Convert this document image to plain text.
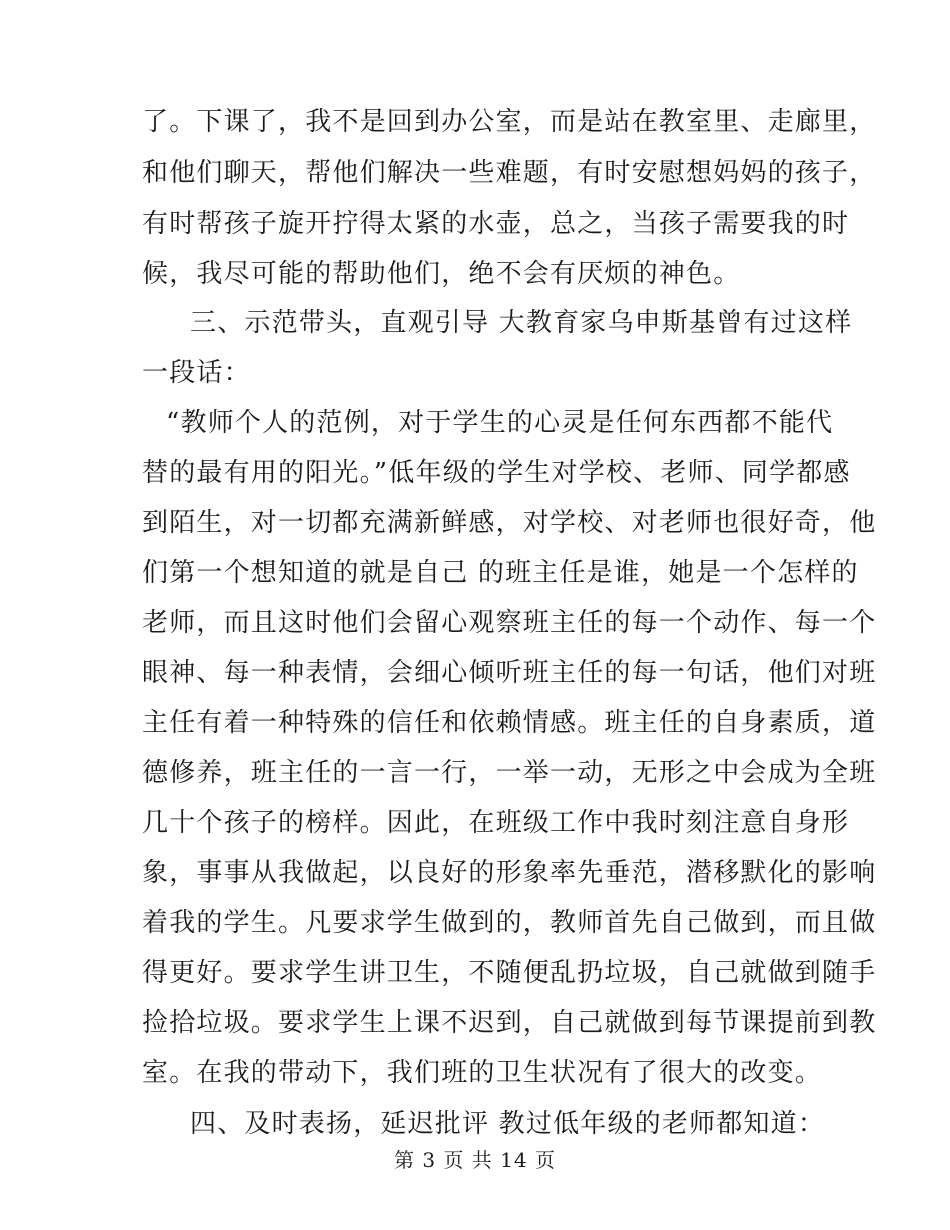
了。下课了，我不是回到办公室，而是站在教室里、走廊里，
和他们聊天，帮他们解决一些难题，有时安慰想妈妈的孩子，
有时帮孩子旋开拧得太紧的水壶，总之，当孩子需要我的时
候，我尽可能的帮助他们，绝不会有厌烦的神色。
三、示范带头，直观引导 大教育家乌申斯基曾有过这样
一段话：
“教师个人的范例，对于学生的心灵是任何东西都不能代
替的最有用的阳光。”低年级的学生对学校、老师、同学都感
到陌生，对一切都充满新鲜感，对学校、对老师也很好奇，他
们第一个想知道的就是自己 的班主任是谁，她是一个怎样的
老师，而且这时他们会留心观察班主任的每一个动作、每一个
眼神、每一种表情，会细心倾听班主任的每一句话，他们对班
主任有着一种特殊的信任和依赖情感。班主任的自身素质，道
德修养，班主任的一言一行，一举一动，无形之中会成为全班
几十个孩子的榜样。因此，在班级工作中我时刻注意自身形
象，事事从我做起，以良好的形象率先垂范，潜移默化的影响
着我的学生。凡要求学生做到的，教师首先自己做到，而且做
得更好。要求学生讲卫生，不随便乱扔垃圾，自己就做到随手
捡拾垃圾。要求学生上课不迟到，自己就做到每节课提前到教
室。在我的带动下，我们班的卫生状况有了很大的改变。
四、及时表扬，延迟批评 教过低年级的老师都知道：
第 3 页 共 14 页
